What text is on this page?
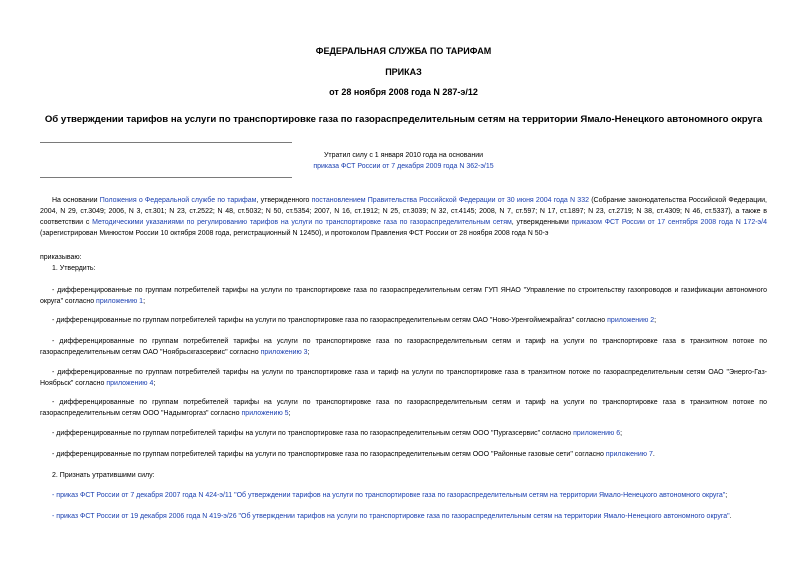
ФЕДЕРАЛЬНАЯ СЛУЖБА ПО ТАРИФАМ
ПРИКАЗ
от 28 ноября 2008 года N 287-э/12
Об утверждении тарифов на услуги по транспортировке газа по газораспределительным сетям на территории Ямало-Ненецкого автономного округа
Утратил силу с 1 января 2010 года на основании
приказа ФСТ России от 7 декабря 2009 года N 362-э/15
На основании Положения о Федеральной службе по тарифам, утвержденного постановлением Правительства Российской Федерации от 30 июня 2004 года N 332 (Собрание законодательства Российской Федерации, 2004, N 29, ст.3049; 2006, N 3, ст.301; N 23, ст.2522; N 48, ст.5032; N 50, ст.5354; 2007, N 16, ст.1912; N 25, ст.3039; N 32, ст.4145; 2008, N 7, ст.597; N 17, ст.1897; N 23, ст.2719; N 38, ст.4309; N 46, ст.5337), а также в соответствии с Методическими указаниями по регулированию тарифов на услуги по транспортировке газа по газораспределительным сетям, утвержденными приказом ФСТ России от 17 сентября 2008 года N 172-э/4 (зарегистрирован Минюстом России 10 октября 2008 года, регистрационный N 12450), и протоколом Правления ФСТ России от 28 ноября 2008 года N 50-э
приказываю:
1. Утвердить:
- дифференцированные по группам потребителей тарифы на услуги по транспортировке газа по газораспределительным сетям ГУП ЯНАО "Управление по строительству газопроводов и газификации автономного округа" согласно приложению 1;
- дифференцированные по группам потребителей тарифы на услуги по транспортировке газа по газораспределительным сетям ОАО "Ново-Уренгоймежрайгаз" согласно приложению 2;
- дифференцированные по группам потребителей тарифы на услуги по транспортировке газа по газораспределительным сетям и тариф на услуги по транспортировке газа в транзитном потоке по газораспределительным сетям ОАО "Ноябрьскгазсервис" согласно приложению 3;
- дифференцированные по группам потребителей тарифы на услуги по транспортировке газа и тариф на услуги по транспортировке газа в транзитном потоке по газораспределительным сетям ОАО "Энерго-Газ-Ноябрьск" согласно приложению 4;
- дифференцированные по группам потребителей тарифы на услуги по транспортировке газа по газораспределительным сетям и тариф на услуги по транспортировке газа в транзитном потоке по газораспределительным сетям ООО "Надымгоргаз" согласно приложению 5;
- дифференцированные по группам потребителей тарифы на услуги по транспортировке газа по газораспределительным сетям ООО "Пургазсервис" согласно приложению 6;
- дифференцированные по группам потребителей тарифы на услуги по транспортировке газа по газораспределительным сетям ООО "Районные газовые сети" согласно приложению 7.
2. Признать утратившими силу:
- приказ ФСТ России от 7 декабря 2007 года N 424-э/11 "Об утверждении тарифов на услуги по транспортировке газа по газораспределительным сетям на территории Ямало-Ненецкого автономного округа";
- приказ ФСТ России от 19 декабря 2006 года N 419-э/26 "Об утверждении тарифов на услуги по транспортировке газа по газораспределительным сетям на территории Ямало-Ненецкого автономного округа".
